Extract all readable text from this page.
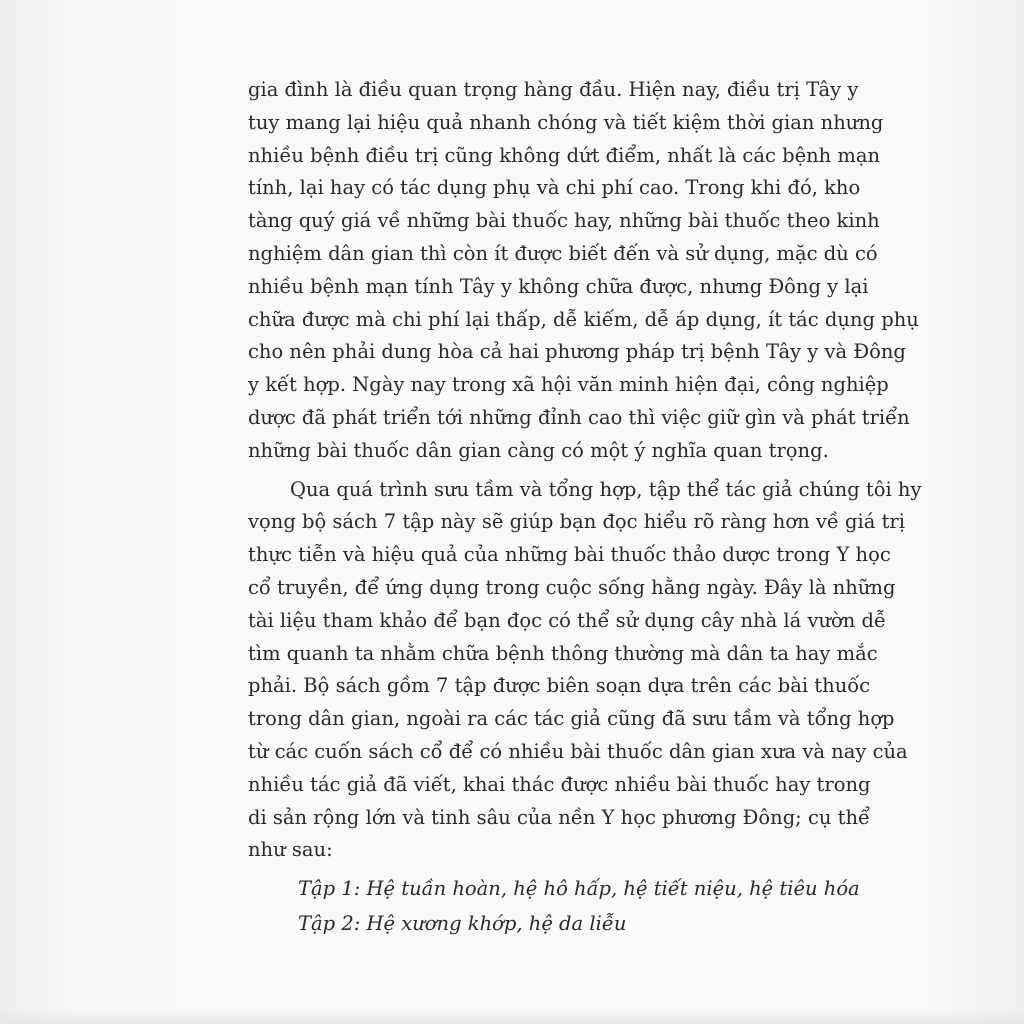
gia đình là điều quan trọng hàng đầu. Hiện nay, điều trị Tây y
tuy mang lại hiệu quả nhanh chóng và tiết kiệm thời gian nhưng
nhiều bệnh điều trị cũng không dứt điểm, nhất là các bệnh mạn
tính, lại hay có tác dụng phụ và chi phí cao. Trong khi đó, kho
tàng quý giá về những bài thuốc hay, những bài thuốc theo kinh
nghiệm dân gian thì còn ít được biết đến và sử dụng, mặc dù có
nhiều bệnh mạn tính Tây y không chữa được, nhưng Đông y lại
chữa được mà chi phí lại thấp, dễ kiếm, dễ áp dụng, ít tác dụng phụ
cho nên phải dung hòa cả hai phương pháp trị bệnh Tây y và Đông
y kết hợp. Ngày nay trong xã hội văn minh hiện đại, công nghiệp
dược đã phát triển tới những đỉnh cao thì việc giữ gìn và phát triển
những bài thuốc dân gian càng có một ý nghĩa quan trọng.
Qua quá trình sưu tầm và tổng hợp, tập thể tác giả chúng tôi hy
vọng bộ sách 7 tập này sẽ giúp bạn đọc hiểu rõ ràng hơn về giá trị
thực tiễn và hiệu quả của những bài thuốc thảo dược trong Y học
cổ truyền, để ứng dụng trong cuộc sống hằng ngày. Đây là những
tài liệu tham khảo để bạn đọc có thể sử dụng cây nhà lá vườn dễ
tìm quanh ta nhằm chữa bệnh thông thường mà dân ta hay mắc
phải. Bộ sách gồm 7 tập được biên soạn dựa trên các bài thuốc
trong dân gian, ngoài ra các tác giả cũng đã sưu tầm và tổng hợp
từ các cuốn sách cổ để có nhiều bài thuốc dân gian xưa và nay của
nhiều tác giả đã viết, khai thác được nhiều bài thuốc hay trong
di sản rộng lớn và tinh sâu của nền Y học phương Đông; cụ thể
như sau:
Tập 1: Hệ tuần hoàn, hệ hô hấp, hệ tiết niệu, hệ tiêu hóa
Tập 2: Hệ xương khớp, hệ da liễu
